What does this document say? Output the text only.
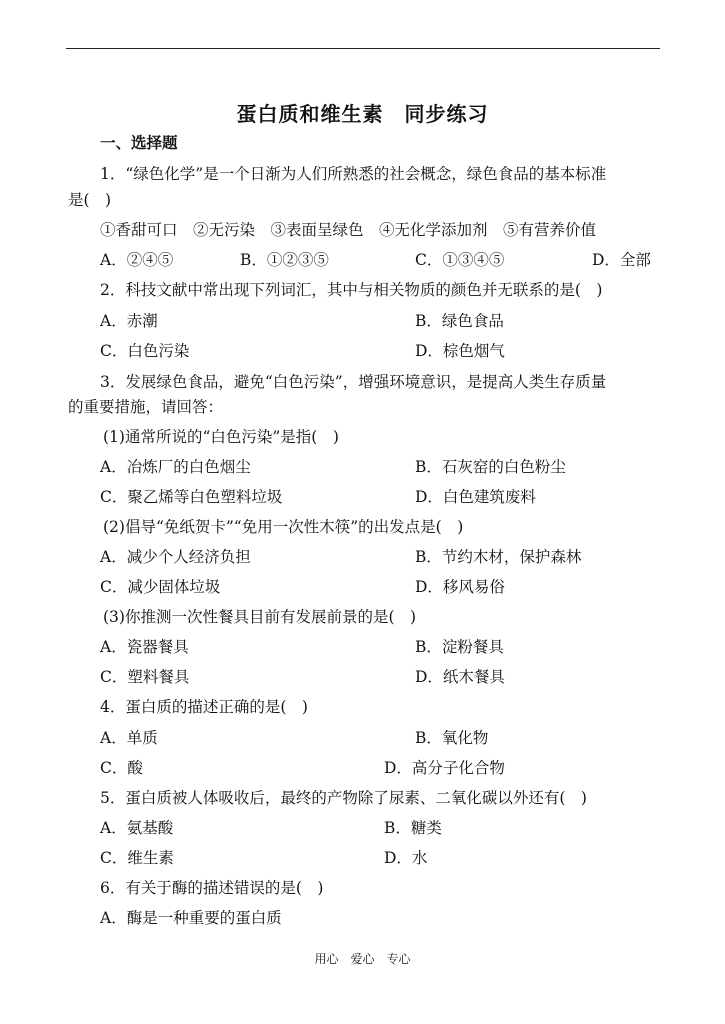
蛋白质和维生素　同步练习
一、选择题
1．“绿色化学”是一个日渐为人们所熟悉的社会概念，绿色食品的基本标准
是(　)
①香甜可口　②无污染　③表面呈绿色　④无化学添加剂　⑤有营养价值
A．②④⑤	B．①②③⑤	C．①③④⑤	D．全部
2．科技文献中常出现下列词汇，其中与相关物质的颜色并无联系的是(　)
A．赤潮	B．绿色食品
C．白色污染	D．棕色烟气
3．发展绿色食品，避免“白色污染”，增强环境意识，是提高人类生存质量
的重要措施，请回答：
(1)通常所说的“白色污染”是指(　)
A．冶炼厂的白色烟尘	B．石灰窑的白色粉尘
C．聚乙烯等白色塑料垃圾	D．白色建筑废料
(2)倡导“免纸贺卡”“免用一次性木筷”的出发点是(　)
A．减少个人经济负担	B．节约木材，保护森林
C．减少固体垃圾	D．移风易俗
(3)你推测一次性餐具目前有发展前景的是(　)
A．瓷器餐具	B．淀粉餐具
C．塑料餐具	D．纸木餐具
4．蛋白质的描述正确的是(　)
A．单质	B．氧化物
C．酸	D．高分子化合物
5．蛋白质被人体吸收后，最终的产物除了尿素、二氧化碳以外还有(　)
A．氨基酸	B．糖类
C．维生素	D．水
6．有关于酶的描述错误的是(　)
A．酶是一种重要的蛋白质
用心　爱心　专心
